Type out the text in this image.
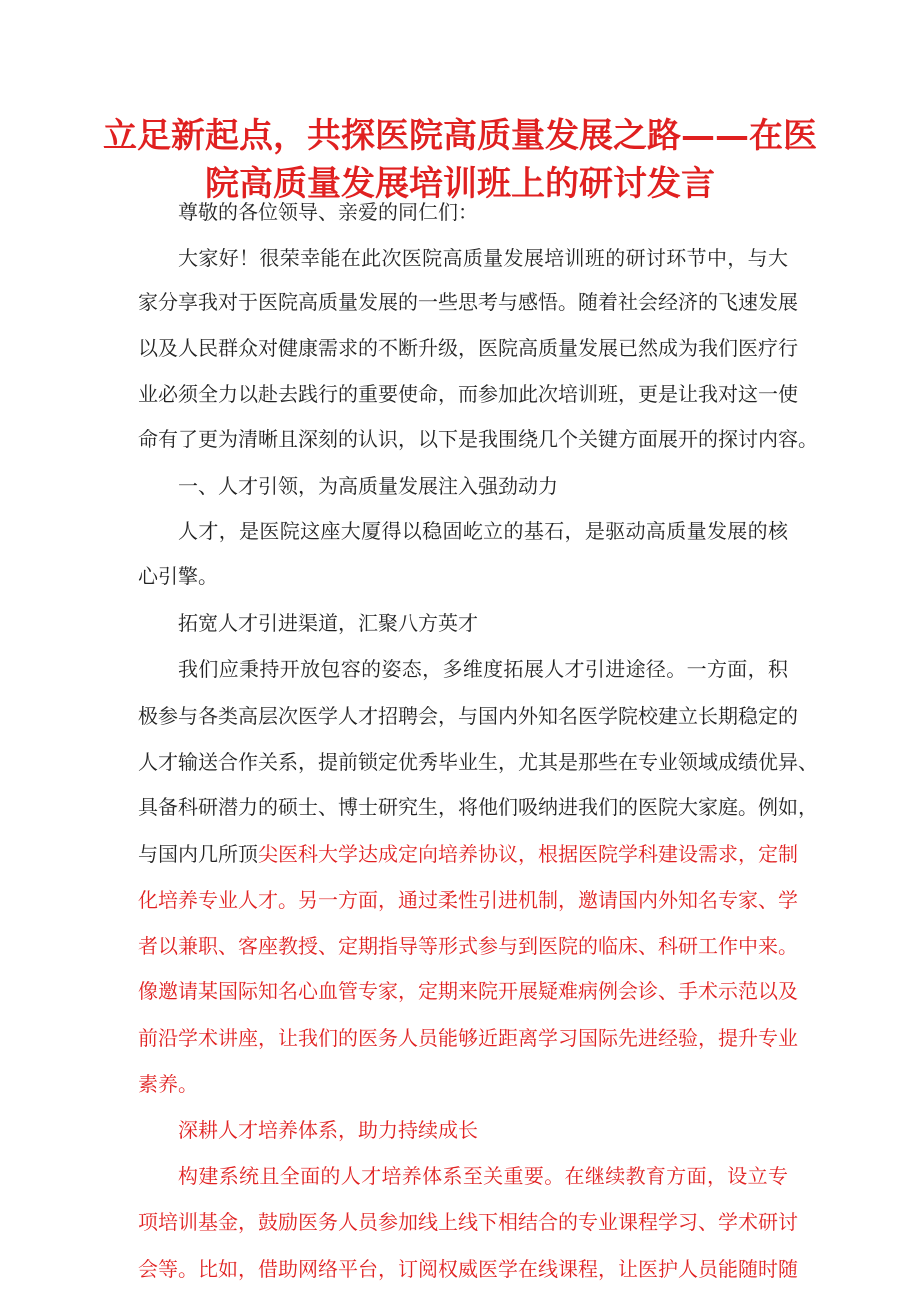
立足新起点，共探医院高质量发展之路——在医
院高质量发展培训班上的研讨发言

尊敬的各位领导、亲爱的同仁们：

大家好！很荣幸能在此次医院高质量发展培训班的研讨环节中，与大

家分享我对于医院高质量发展的一些思考与感悟。随着社会经济的飞速发展

以及人民群众对健康需求的不断升级，医院高质量发展已然成为我们医疗行

业必须全力以赴去践行的重要使命，而参加此次培训班，更是让我对这一使

命有了更为清晰且深刻的认识，以下是我围绕几个关键方面展开的探讨内容。

一、人才引领，为高质量发展注入强劲动力

人才，是医院这座大厦得以稳固屹立的基石，是驱动高质量发展的核

心引擎。

拓宽人才引进渠道，汇聚八方英才

我们应秉持开放包容的姿态，多维度拓展人才引进途径。一方面，积

极参与各类高层次医学人才招聘会，与国内外知名医学院校建立长期稳定的

人才输送合作关系，提前锁定优秀毕业生，尤其是那些在专业领域成绩优异、

具备科研潜力的硕士、博士研究生，将他们吸纳进我们的医院大家庭。例如，

与国内几所顶尖医科大学达成定向培养协议，根据医院学科建设需求，定制

化培养专业人才。另一方面，通过柔性引进机制，邀请国内外知名专家、学

者以兼职、客座教授、定期指导等形式参与到医院的临床、科研工作中来。

像邀请某国际知名心血管专家，定期来院开展疑难病例会诊、手术示范以及

前沿学术讲座，让我们的医务人员能够近距离学习国际先进经验，提升专业

素养。

深耕人才培养体系，助力持续成长

构建系统且全面的人才培养体系至关重要。在继续教育方面，设立专

项培训基金，鼓励医务人员参加线上线下相结合的专业课程学习、学术研讨

会等。比如，借助网络平台，订阅权威医学在线课程，让医护人员能随时随
